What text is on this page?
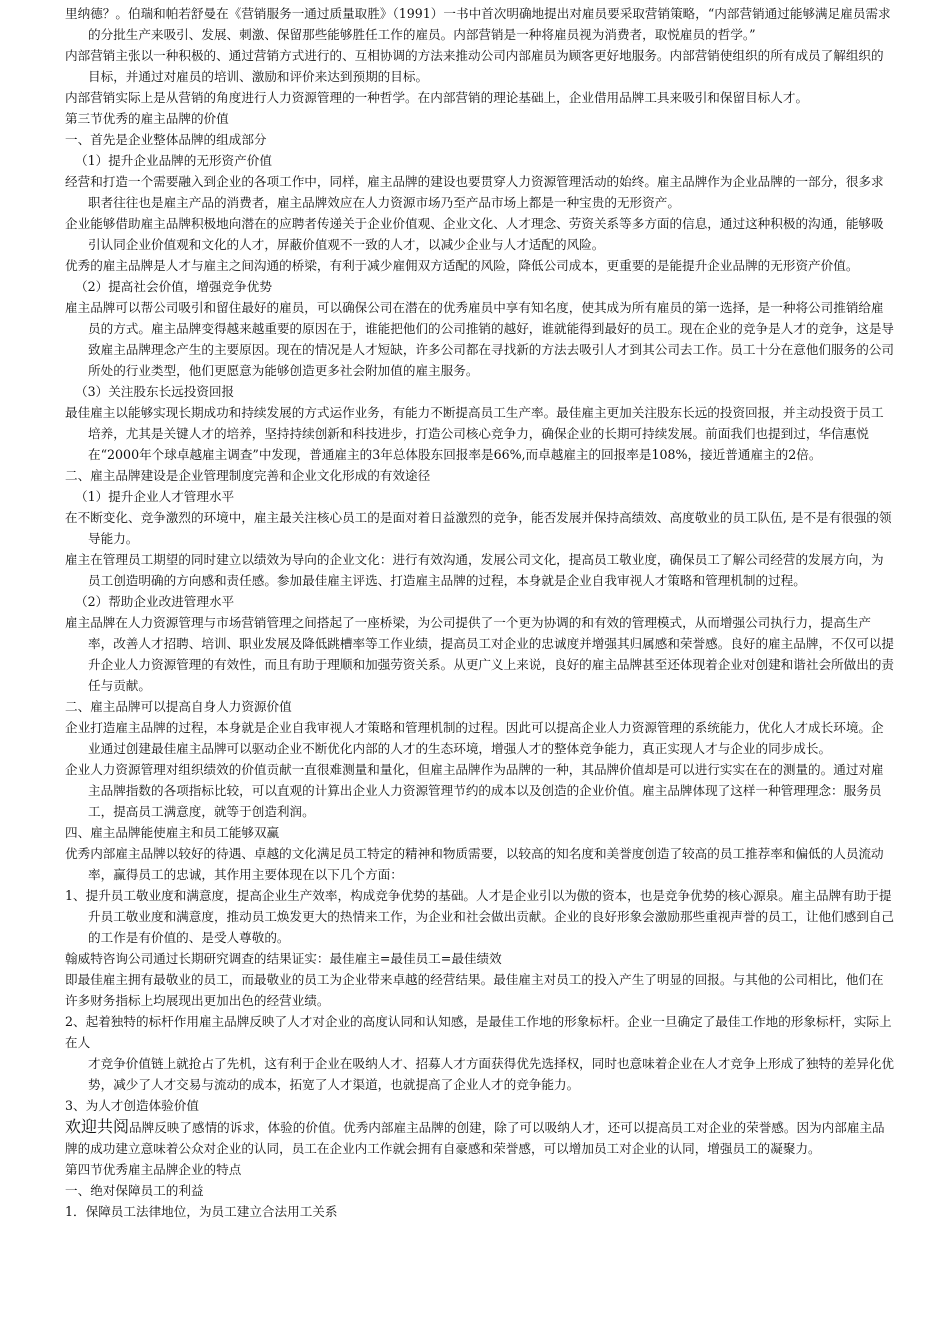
里纳德？。伯瑞和帕若舒曼在《营销服务一通过质量取胜》（1991）一书中首次明确地提出对雇员要采取营销策略，“内部营销通过能够满足雇员需求的分批生产来吸引、发展、刺激、保留那些能够胜任工作的雇员。内部营销是一种将雇员视为消费者，取悦雇员的哲学。”

内部营销主张以一种积极的、通过营销方式进行的、互相协调的方法来推动公司内部雇员为顾客更好地服务。内部营销使组织的所有成员了解组织的目标，并通过对雇员的培训、激励和评价来达到预期的目标。

内部营销实际上是从营销的角度进行人力资源管理的一种哲学。在内部营销的理论基础上，企业借用品牌工具来吸引和保留目标人才。

第三节优秀的雇主品牌的价值

一、首先是企业整体品牌的组成部分

（1）提升企业品牌的无形资产价值

经营和打造一个需要融入到企业的各项工作中，同样，雇主品牌的建设也要贯穿人力资源管理活动的始终。雇主品牌作为企业品牌的一部分，很多求职者往往也是雇主产品的消费者，雇主品牌效应在人力资源市场乃至产品市场上都是一种宝贵的无形资产。

企业能够借助雇主品牌积极地向潜在的应聘者传递关于企业价值观、企业文化、人才理念、劳资关系等多方面的信息，通过这种积极的沟通，能够吸引认同企业价值观和文化的人才，屏蔽价值观不一致的人才，以减少企业与人才适配的风险。

优秀的雇主品牌是人才与雇主之间沟通的桥梁，有利于减少雇佣双方适配的风险，降低公司成本，更重要的是能提升企业品牌的无形资产价值。

（2）提高社会价值，增强竞争优势

雇主品牌可以帮公司吸引和留住最好的雇员，可以确保公司在潜在的优秀雇员中享有知名度，使其成为所有雇员的第一选择，是一种将公司推销给雇员的方式。雇主品牌变得越来越重要的原因在于，谁能把他们的公司推销的越好，谁就能得到最好的员工。现在企业的竞争是人才的竞争，这是导致雇主品牌理念产生的主要原因。现在的情况是人才短缺，许多公司都在寻找新的方法去吸引人才到其公司去工作。员工十分在意他们服务的公司所处的行业类型，他们更愿意为能够创造更多社会附加值的雇主服务。

（3）关注股东长远投资回报

最佳雇主以能够实现长期成功和持续发展的方式运作业务，有能力不断提高员工生产率。最佳雇主更加关注股东长远的投资回报，并主动投资于员工培养，尤其是关键人才的培养，坚持持续创新和科技进步，打造公司核心竞争力，确保企业的长期可持续发展。前面我们也提到过，华信惠悦在“2000年个球卓越雇主调查”中发现，普通雇主的3年总体股东回报率是66%,而卓越雇主的回报率是108%，接近普通雇主的2倍。

二、雇主品牌建设是企业管理制度完善和企业文化形成的有效途径

（1）提升企业人才管理水平

在不断变化、竞争激烈的环境中，雇主最关注核心员工的是面对着日益激烈的竞争，能否发展并保持高绩效、高度敬业的员工队伍, 是不是有很强的领导能力。

雇主在管理员工期望的同时建立以绩效为导向的企业文化：进行有效沟通，发展公司文化，提高员工敬业度，确保员工了解公司经营的发展方向，为员工创造明确的方向感和责任感。参加最佳雇主评选、打造雇主品牌的过程，本身就是企业自我审视人才策略和管理机制的过程。

（2）帮助企业改进管理水平

雇主品牌在人力资源管理与市场营销管理之间搭起了一座桥梁，为公司提供了一个更为协调的和有效的管理模式，从而增强公司执行力，提高生产率，改善人才招聘、培训、职业发展及降低跳槽率等工作业绩，提高员工对企业的忠诚度并增强其归属感和荣誉感。良好的雇主品牌，不仅可以提升企业人力资源管理的有效性，而且有助于理顺和加强劳资关系。从更广义上来说，良好的雇主品牌甚至还体现着企业对创建和谐社会所做出的责任与贡献。

二、雇主品牌可以提高自身人力资源价值

企业打造雇主品牌的过程，本身就是企业自我审视人才策略和管理机制的过程。因此可以提高企业人力资源管理的系统能力，优化人才成长环境。企业通过创建最佳雇主品牌可以驱动企业不断优化内部的人才的生态环境，增强人才的整体竞争能力，真正实现人才与企业的同步成长。

企业人力资源管理对组织绩效的价值贡献一直很难测量和量化，但雇主品牌作为品牌的一种，其品牌价值却是可以进行实实在在的测量的。通过对雇主品牌指数的各项指标比较，可以直观的计算出企业人力资源管理节约的成本以及创造的企业价值。雇主品牌体现了这样一种管理理念：服务员工，提高员工满意度，就等于创造利润。

四、雇主品牌能使雇主和员工能够双赢

优秀内部雇主品牌以较好的待遇、卓越的文化满足员工特定的精神和物质需要，以较高的知名度和美誉度创造了较高的员工推荐率和偏低的人员流动率，赢得员工的忠诚，其作用主要体现在以下几个方面：

1、提升员工敬业度和满意度，提高企业生产效率，构成竞争优势的基础。人才是企业引以为傲的资本，也是竞争优势的核心源泉。雇主品牌有助于提升员工敬业度和满意度，推动员工焕发更大的热情来工作，为企业和社会做出贡献。企业的良好形象会激励那些重视声誉的员工，让他们感到自己的工作是有价值的、是受人尊敬的。

翰威特咨询公司通过长期研究调查的结果证实：最佳雇主=最佳员工=最佳绩效

即最佳雇主拥有最敬业的员工，而最敬业的员工为企业带来卓越的经营结果。最佳雇主对员工的投入产生了明显的回报。与其他的公司相比，他们在许多财务指标上均展现出更加出色的经营业绩。

2、起着独特的标杆作用雇主品牌反映了人才对企业的高度认同和认知感，是最佳工作地的形象标杆。企业一旦确定了最佳工作地的形象标杆，实际上在人

才竞争价值链上就抢占了先机，这有利于企业在吸纳人才、招募人才方面获得优先选择权，同时也意味着企业在人才竞争上形成了独特的差异化优势，减少了人才交易与流动的成本，拓宽了人才渠道，也就提高了企业人才的竞争能力。

3、为人才创造体验价值

欢迎共阅品牌反映了感情的诉求，体验的价值。优秀内部雇主品牌的创建，除了可以吸纳人才，还可以提高员工对企业的荣誉感。因为内部雇主品牌的成功建立意味着公众对企业的认同，员工在企业内工作就会拥有自豪感和荣誉感，可以增加员工对企业的认同，增强员工的凝聚力。

第四节优秀雇主品牌企业的特点

一、绝对保障员工的利益

1．保障员工法律地位，为员工建立合法用工关系
